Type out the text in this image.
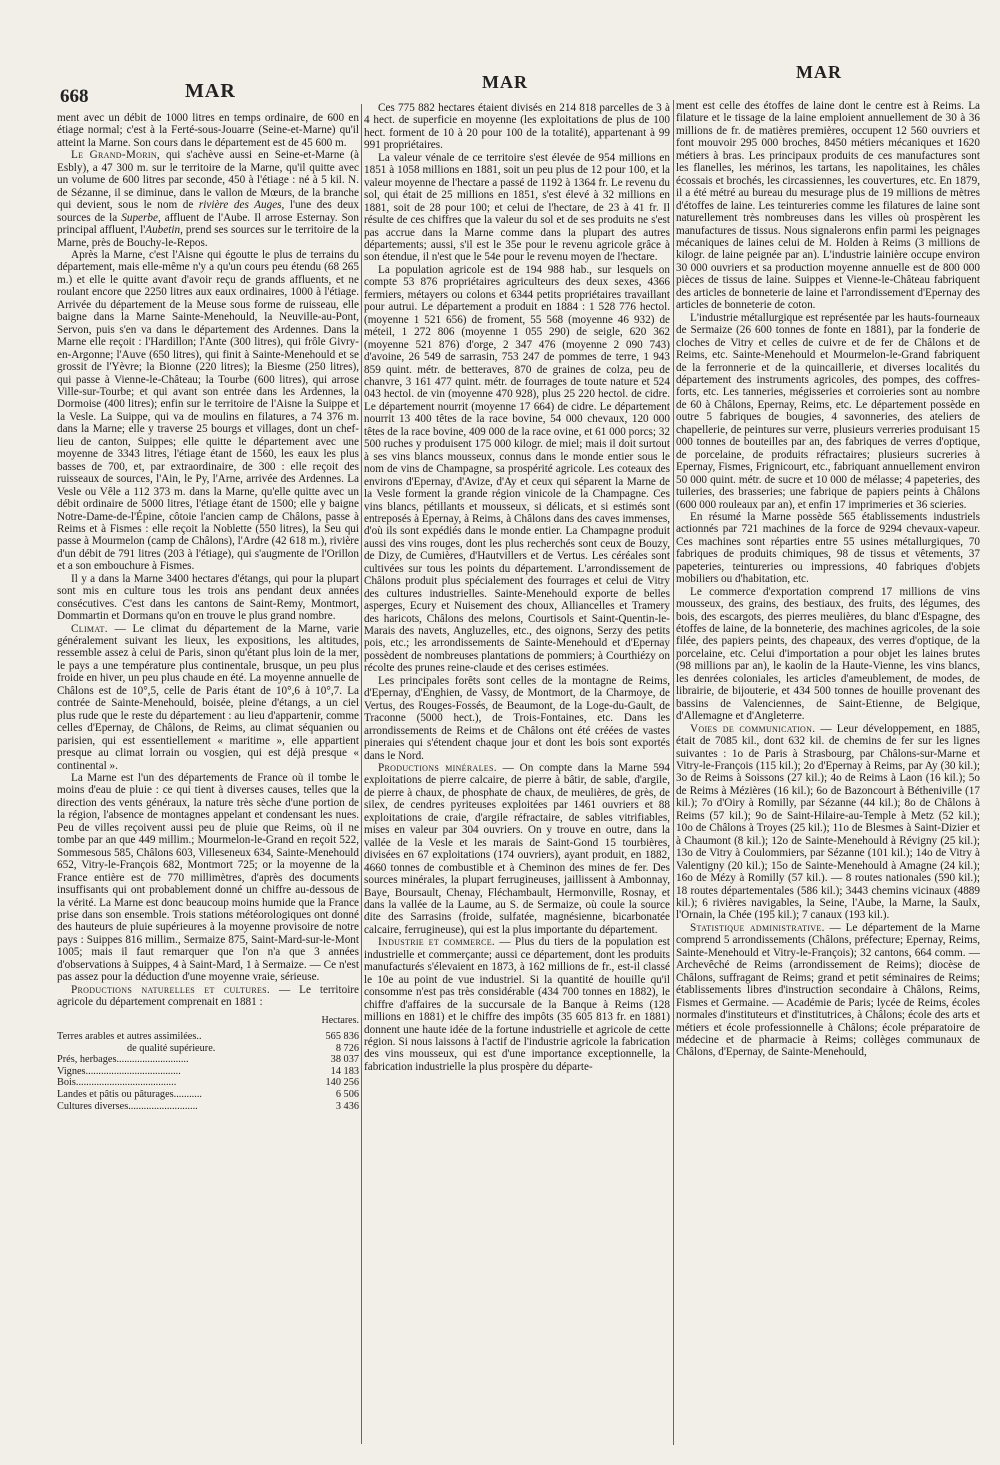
668	MAR	MAR	MAR

ment avec un débit de 1000 litres en temps ordinaire, de 600 en étiage normal; c'est à la Ferté-sous-Jouarre (Seine-et-Marne) qu'il atteint la Marne. Son cours dans le département est de 45 600 m.

Le Grand-Morin, qui s'achève aussi en Seine-et-Marne (à Esbly), a 47 300 m. sur le territoire de la Marne, qu'il quitte avec un volume de 600 litres par seconde, 450 à l'étiage : né à 5 kil. N. de Sézanne, il se diminue, dans le vallon de Mœurs, de la branche qui devient, sous le nom de rivière des Auges, l'une des deux sources de la Superbe, affluent de l'Aube. Il arrose Esternay. Son principal affluent, l'Aubetin, prend ses sources sur le territoire de la Marne, près de Bouchy-le-Repos.

Après la Marne, c'est l'Aisne qui égoutte le plus de terrains du département, mais elle-même n'y a qu'un cours peu étendu (68 265 m.) et elle le quitte avant d'avoir reçu de grands affluents, et ne roulant encore que 2250 litres aux eaux ordinaires, 1000 à l'étiage. Arrivée du département de la Meuse sous forme de ruisseau, elle baigne dans la Marne Sainte-Menehould, la Neuville-au-Pont, Servon, puis s'en va dans le département des Ardennes. Dans la Marne elle reçoit : l'Hardillon; l'Ante (300 litres), qui frôle Givry-en-Argonne; l'Auve (650 litres), qui finit à Sainte-Menehould et se grossit de l'Yèvre; la Bionne (220 litres); la Biesme (250 litres), qui passe à Vienne-le-Château; la Tourbe (600 litres), qui arrose Ville-sur-Tourbe; et qui avant son entrée dans les Ardennes, la Dormoise (400 litres); enfin sur le territoire de l'Aisne la Suippe et la Vesle. La Suippe, qui va de moulins en filatures, a 74 376 m. dans la Marne; elle y traverse 25 bourgs et villages, dont un chef-lieu de canton, Suippes; elle quitte le département avec une moyenne de 3343 litres, l'étiage étant de 1560, les eaux les plus basses de 700, et, par extraordinaire, de 300 : elle reçoit des ruisseaux de sources, l'Ain, le Py, l'Arne, arrivée des Ardennes. La Vesle ou Vêle a 112 373 m. dans la Marne, qu'elle quitte avec un débit ordinaire de 5000 litres, l'étiage étant de 1500; elle y baigne Notre-Dame-de-l'Épine, côtoie l'ancien camp de Châlons, passe à Reims et à Fismes : elle reçoit la Noblette (550 litres), la Seu qui passe à Mourmelon (camp de Châlons), l'Ardre (42 618 m.), rivière d'un débit de 791 litres (203 à l'étiage), qui s'augmente de l'Orillon et a son embouchure à Fismes.

Il y a dans la Marne 3400 hectares d'étangs, qui pour la plupart sont mis en culture tous les trois ans pendant deux années consécutives. C'est dans les cantons de Saint-Remy, Montmort, Dommartin et Dormans qu'on en trouve le plus grand nombre.

Climat. — Le climat du département de la Marne, varie généralement suivant les lieux, les expositions, les altitudes, ressemble assez à celui de Paris, sinon qu'étant plus loin de la mer, le pays a une température plus continentale, brusque, un peu plus froide en hiver, un peu plus chaude en été. La moyenne annuelle de Châlons est de 10°,5, celle de Paris étant de 10°,6 à 10°,7. La contrée de Sainte-Menehould, boisée, pleine d'étangs, a un ciel plus rude que le reste du département : au lieu d'appartenir, comme celles d'Epernay, de Châlons, de Reims, au climat séquanien ou parisien, qui est essentiellement « maritime », elle appartient presque au climat lorrain ou vosgien, qui est déjà presque « continental ».

La Marne est l'un des départements de France où il tombe le moins d'eau de pluie : ce qui tient à diverses causes, telles que la direction des vents généraux, la nature très sèche d'une portion de la région, l'absence de montagnes appelant et condensant les nues. Peu de villes reçoivent aussi peu de pluie que Reims, où il ne tombe par an que 449 millim.; Mourmelon-le-Grand en reçoit 522, Sommesous 585, Châlons 603, Villeseneux 634, Sainte-Menehould 652, Vitry-le-François 682, Montmort 725; or la moyenne de la France entière est de 770 millimètres, d'après des documents insuffisants qui ont probablement donné un chiffre au-dessous de la vérité. La Marne est donc beaucoup moins humide que la France prise dans son ensemble. Trois stations météorologiques ont donné des hauteurs de pluie supérieures à la moyenne provisoire de notre pays : Suippes 816 millim., Sermaize 875, Saint-Mard-sur-le-Mont 1005; mais il faut remarquer que l'on n'a que 3 années d'observations à Suippes, 4 à Saint-Mard, 1 à Sermaize. — Ce n'est pas assez pour la déduction d'une moyenne vraie, sérieuse.

Productions naturelles et cultures. — Le territoire agricole du département comprenait en 1881 :

Hectares.
Terres arables et autres assimilées..	565 836
de qualité supérieure.	8 726
Prés, herbages............................	38 037
Vignes.....................................	14 183
Bois.......................................	140 256
Landes et pâtis ou pâturages...........	6 506
Cultures diverses...........................	3 436

Ces 775 882 hectares étaient divisés en 214 818 parcelles de 3 à 4 hect. de superficie en moyenne (les exploitations de plus de 100 hect. forment de 10 à 20 pour 100 de la totalité), appartenant à 99 991 propriétaires.

La valeur vénale de ce territoire s'est élevée de 954 millions en 1851 à 1058 millions en 1881, soit un peu plus de 12 pour 100, et la valeur moyenne de l'hectare a passé de 1192 à 1364 fr. Le revenu du sol, qui était de 25 millions en 1851, s'est élevé à 32 millions en 1881, soit de 28 pour 100; et celui de l'hectare, de 23 à 41 fr. Il résulte de ces chiffres que la valeur du sol et de ses produits ne s'est pas accrue dans la Marne comme dans la plupart des autres départements; aussi, s'il est le 35e pour le revenu agricole grâce à son étendue, il n'est que le 54e pour le revenu moyen de l'hectare.

La population agricole est de 194 988 hab., sur lesquels on compte 53 876 propriétaires agriculteurs des deux sexes, 4366 fermiers, métayers ou colons et 6344 petits propriétaires travaillant pour autrui. Le département a produit en 1884 : 1 528 776 hectol. (moyenne 1 521 656) de froment, 55 568 (moyenne 46 932) de méteil, 1 272 806 (moyenne 1 055 290) de seigle, 620 362 (moyenne 521 876) d'orge, 2 347 476 (moyenne 2 090 743) d'avoine, 26 549 de sarrasin, 753 247 de pommes de terre, 1 943 859 quint. métr. de betteraves, 870 de graines de colza, peu de chanvre, 3 161 477 quint. métr. de fourrages de toute nature et 524 043 hectol. de vin (moyenne 470 928), plus 25 220 hectol. de cidre. Le département nourrit (moyenne 17 664) de cidre. Le département nourrit 13 400 têtes de la race bovine, 54 000 chevaux, 120 000 têtes de la race bovine, 409 000 de la race ovine, et 61 000 porcs; 32 500 ruches y produisent 175 000 kilogr. de miel; mais il doit surtout à ses vins blancs mousseux, connus dans le monde entier sous le nom de vins de Champagne, sa prospérité agricole. Les coteaux des environs d'Epernay, d'Avize, d'Ay et ceux qui séparent la Marne de la Vesle forment la grande région vinicole de la Champagne. Ces vins blancs, pétillants et mousseux, si délicats, et si estimés sont entreposés à Epernay, à Reims, à Châlons dans des caves immenses, d'où ils sont expédiés dans le monde entier. La Champagne produit aussi des vins rouges, dont les plus recherchés sont ceux de Bouzy, de Dizy, de Cumières, d'Hautvillers et de Vertus. Les céréales sont cultivées sur tous les points du département. L'arrondissement de Châlons produit plus spécialement des fourrages et celui de Vitry des cultures industrielles. Sainte-Menehould exporte de belles asperges, Ecury et Nuisement des choux, Alliancelles et Tramery des haricots, Châlons des melons, Courtisols et Saint-Quentin-le-Marais des navets, Angluzelles, etc., des oignons, Serzy des petits pois, etc.; les arrondissements de Sainte-Menehould et d'Epernay possèdent de nombreuses plantations de pommiers; à Courthiézy on récolte des prunes reine-claude et des cerises estimées.

Les principales forêts sont celles de la montagne de Reims, d'Epernay, d'Enghien, de Vassy, de Montmort, de la Charmoye, de Vertus, des Rouges-Fossés, de Beaumont, de la Loge-du-Gault, de Traconne (5000 hect.), de Trois-Fontaines, etc. Dans les arrondissements de Reims et de Châlons ont été créées de vastes pineraies qui s'étendent chaque jour et dont les bois sont exportés dans le Nord.

Productions minérales. — On compte dans la Marne 594 exploitations de pierre calcaire, de pierre à bâtir, de sable, d'argile, de pierre à chaux, de phosphate de chaux, de meulières, de grès, de silex, de cendres pyriteuses exploitées par 1461 ouvriers et 88 exploitations de craie, d'argile réfractaire, de sables vitrifiables, mises en valeur par 304 ouvriers. On y trouve en outre, dans la vallée de la Vesle et les marais de Saint-Gond 15 tourbières, divisées en 67 exploitations (174 ouvriers), ayant produit, en 1882, 4660 tonnes de combustible et à Cheminon des mines de fer. Des sources minérales, la plupart ferrugineuses, jaillissent à Ambonnay, Baye, Boursault, Chenay, Fléchambault, Hermonville, Rosnay, et dans la vallée de la Laume, au S. de Sermaize, où coule la source dite des Sarrasins (froide, sulfatée, magnésienne, bicarbonatée calcaire, ferrugineuse), qui est la plus importante du département.

Industrie et commerce. — Plus du tiers de la population est industrielle et commerçante; aussi ce département, dont les produits manufacturés s'élevaient en 1873, à 162 millions de fr., est-il classé le 10e au point de vue industriel. Si la quantité de houille qu'il consomme n'est pas très considérable (434 700 tonnes en 1882), le chiffre d'affaires de la succursale de la Banque à Reims (128 millions en 1881) et le chiffre des impôts (35 605 813 fr. en 1881) donnent une haute idée de la fortune industrielle et agricole de cette région. Si nous laissons à l'actif de l'industrie agricole la fabrication des vins mousseux, qui est d'une importance exceptionnelle, la fabrication industrielle la plus prospère du départe-

ment est celle des étoffes de laine dont le centre est à Reims. La filature et le tissage de la laine emploient annuellement de 30 à 36 millions de fr. de matières premières, occupent 12 560 ouvriers et font mouvoir 295 000 broches, 8450 métiers mécaniques et 1620 métiers à bras. Les principaux produits de ces manufactures sont les flanelles, les mérinos, les tartans, les napolitaines, les châles écossais et brochés, les circassiennes, les couvertures, etc. En 1879, il a été métré au bureau du mesurage plus de 19 millions de mètres d'étoffes de laine. Les teintureries comme les filatures de laine sont naturellement très nombreuses dans les villes où prospèrent les manufactures de tissus. Nous signalerons enfin parmi les peignages mécaniques de laines celui de M. Holden à Reims (3 millions de kilogr. de laine peignée par an). L'industrie lainière occupe environ 30 000 ouvriers et sa production moyenne annuelle est de 800 000 pièces de tissus de laine. Suippes et Vienne-le-Château fabriquent des articles de bonneterie de laine et l'arrondissement d'Epernay des articles de bonneterie de coton.

L'industrie métallurgique est représentée par les hauts-fourneaux de Sermaize (26 600 tonnes de fonte en 1881), par la fonderie de cloches de Vitry et celles de cuivre et de fer de Châlons et de Reims, etc. Sainte-Menehould et Mourmelon-le-Grand fabriquent de la ferronnerie et de la quincaillerie, et diverses localités du département des instruments agricoles, des pompes, des coffres-forts, etc. Les tanneries, mégisseries et corroieries sont au nombre de 60 à Châlons, Epernay, Reims, etc. Le département possède en outre 5 fabriques de bougies, 4 savonneries, des ateliers de chapellerie, de peintures sur verre, plusieurs verreries produisant 15 000 tonnes de bouteilles par an, des fabriques de verres d'optique, de porcelaine, de produits réfractaires; plusieurs sucreries à Epernay, Fismes, Frignicourt, etc., fabriquant annuellement environ 50 000 quint. métr. de sucre et 10 000 de mélasse; 4 papeteries, des tuileries, des brasseries; une fabrique de papiers peints à Châlons (600 000 rouleaux par an), et enfin 17 imprimeries et 36 scieries.

En résumé la Marne possède 565 établissements industriels actionnés par 721 machines de la force de 9294 chevaux-vapeur. Ces machines sont réparties entre 55 usines métallurgiques, 70 fabriques de produits chimiques, 98 de tissus et vêtements, 37 papeteries, teintureries ou impressions, 40 fabriques d'objets mobiliers ou d'habitation, etc.

Le commerce d'exportation comprend 17 millions de vins mousseux, des grains, des bestiaux, des fruits, des légumes, des bois, des escargots, des pierres meulières, du blanc d'Espagne, des étoffes de laine, de la bonneterie, des machines agricoles, de la soie filée, des papiers peints, des chapeaux, des verres d'optique, de la porcelaine, etc. Celui d'importation a pour objet les laines brutes (98 millions par an), le kaolin de la Haute-Vienne, les vins blancs, les denrées coloniales, les articles d'ameublement, de modes, de librairie, de bijouterie, et 434 500 tonnes de houille provenant des bassins de Valenciennes, de Saint-Etienne, de Belgique, d'Allemagne et d'Angleterre.

Voies de communication. — Leur développement, en 1885, était de 7085 kil., dont 632 kil. de chemins de fer sur les lignes suivantes : 1o de Paris à Strasbourg, par Châlons-sur-Marne et Vitry-le-François (115 kil.); 2o d'Epernay à Reims, par Ay (30 kil.); 3o de Reims à Soissons (27 kil.); 4o de Reims à Laon (16 kil.); 5o de Reims à Mézières (16 kil.); 6o de Bazoncourt à Bétheniville (17 kil.); 7o d'Oiry à Romilly, par Sézanne (44 kil.); 8o de Châlons à Reims (57 kil.); 9o de Saint-Hilaire-au-Temple à Metz (52 kil.); 10o de Châlons à Troyes (25 kil.); 11o de Blesmes à Saint-Dizier et à Chaumont (8 kil.); 12o de Sainte-Menehould à Révigny (25 kil.); 13o de Vitry à Coulommiers, par Sézanne (101 kil.); 14o de Vitry à Valentigny (20 kil.); 15o de Sainte-Menehould à Amagne (24 kil.); 16o de Mézy à Romilly (57 kil.). — 8 routes nationales (590 kil.); 18 routes départementales (586 kil.); 3443 chemins vicinaux (4889 kil.); 6 rivières navigables, la Seine, l'Aube, la Marne, la Saulx, l'Ornain, la Chée (195 kil.); 7 canaux (193 kil.).

Statistique administrative. — Le département de la Marne comprend 5 arrondissements (Châlons, préfecture; Epernay, Reims, Sainte-Menehould et Vitry-le-François); 32 cantons, 664 comm. — Archevêché de Reims (arrondissement de Reims); diocèse de Châlons, suffragant de Reims; grand et petit séminaires de Reims; établissements libres d'instruction secondaire à Châlons, Reims, Fismes et Germaine. — Académie de Paris; lycée de Reims, écoles normales d'instituteurs et d'institutrices, à Châlons; école des arts et métiers et école professionnelle à Châlons; école préparatoire de médecine et de pharmacie à Reims; collèges communaux de Châlons, d'Epernay, de Sainte-Menehould,
